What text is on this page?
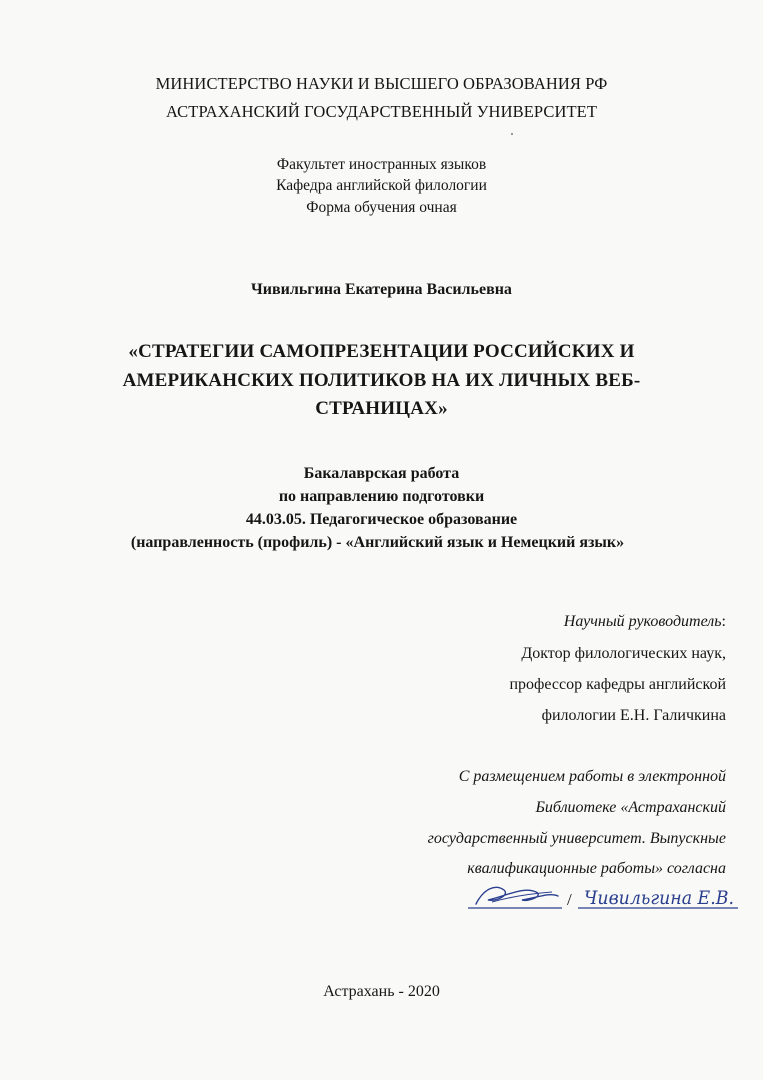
МИНИСТЕРСТВО НАУКИ И ВЫСШЕГО ОБРАЗОВАНИЯ РФ
АСТРАХАНСКИЙ ГОСУДАРСТВЕННЫЙ УНИВЕРСИТЕТ
Факультет иностранных языков
Кафедра английской филологии
Форма обучения очная
Чивильгина Екатерина Васильевна
«СТРАТЕГИИ САМОПРЕЗЕНТАЦИИ РОССИЙСКИХ И
АМЕРИКАНСКИХ ПОЛИТИКОВ НА ИХ ЛИЧНЫХ ВЕБ-
СТРАНИЦАХ»
Бакалаврская работа
по направлению подготовки
44.03.05. Педагогическое образование
(направленность (профиль) - «Английский язык и Немецкий язык»
Научный руководитель:
Доктор филологических наук,
профессор кафедры английской
филологии Е.Н. Галичкина
С размещением работы в электронной
Библиотеке «Астраханский
государственный университет. Выпускные
квалификационные работы» согласна
/ Чивильгина Е.В.
Астрахань - 2020
